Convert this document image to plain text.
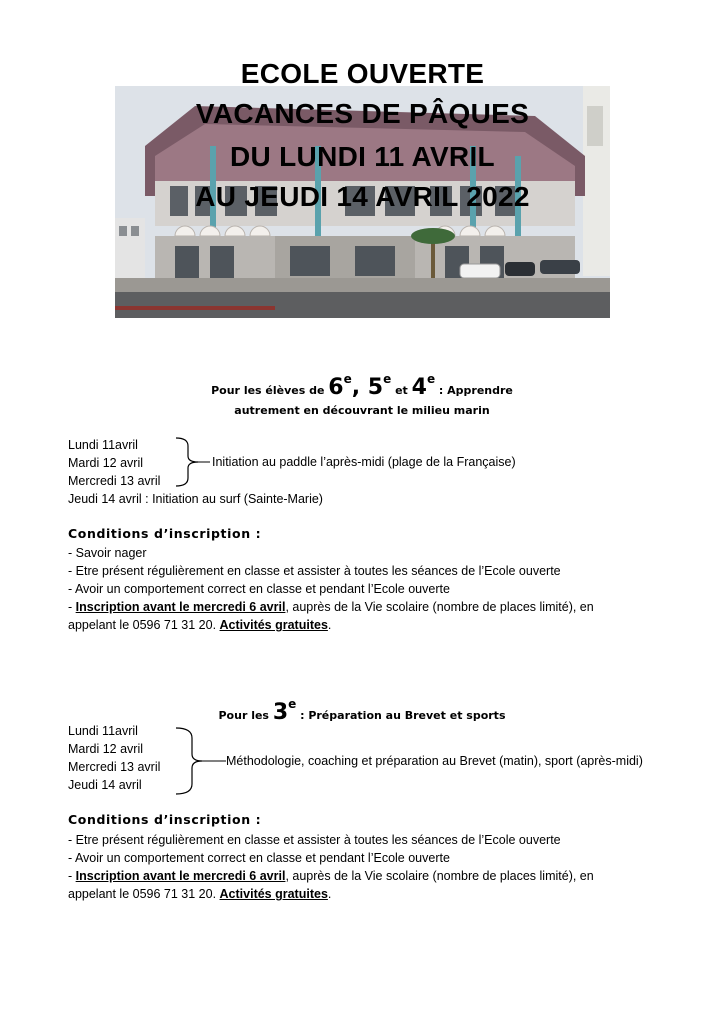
ECOLE OUVERTE
VACANCES DE PÂQUES
DU LUNDI 11 AVRIL
AU JEUDI 14 AVRIL 2022
Pour les élèves de 6e, 5e et 4e : Apprendre
autrement en découvrant le milieu marin
Lundi 11avril
Mardi 12 avril
Mercredi 13 avril
Jeudi 14 avril : Initiation au surf (Sainte-Marie)
Initiation au paddle l’après-midi (plage de la Française)
Conditions d’inscription :
- Savoir nager
- Etre présent régulièrement en classe et assister à toutes les séances de l’Ecole ouverte
- Avoir un comportement correct en classe et pendant l’Ecole ouverte
- Inscription avant le mercredi 6 avril, auprès de la Vie scolaire (nombre de places limité), en
appelant le 0596 71 31 20. Activités gratuites.
Pour les 3e : Préparation au Brevet et sports
Lundi 11avril
Mardi 12 avril
Mercredi 13 avril
Jeudi 14 avril
Méthodologie, coaching et préparation au Brevet (matin), sport (après-midi)
Conditions d’inscription :
- Etre présent régulièrement en classe et assister à toutes les séances de l’Ecole ouverte
- Avoir un comportement correct en classe et pendant l’Ecole ouverte
- Inscription avant le mercredi 6 avril, auprès de la Vie scolaire (nombre de places limité), en
appelant le 0596 71 31 20. Activités gratuites.
